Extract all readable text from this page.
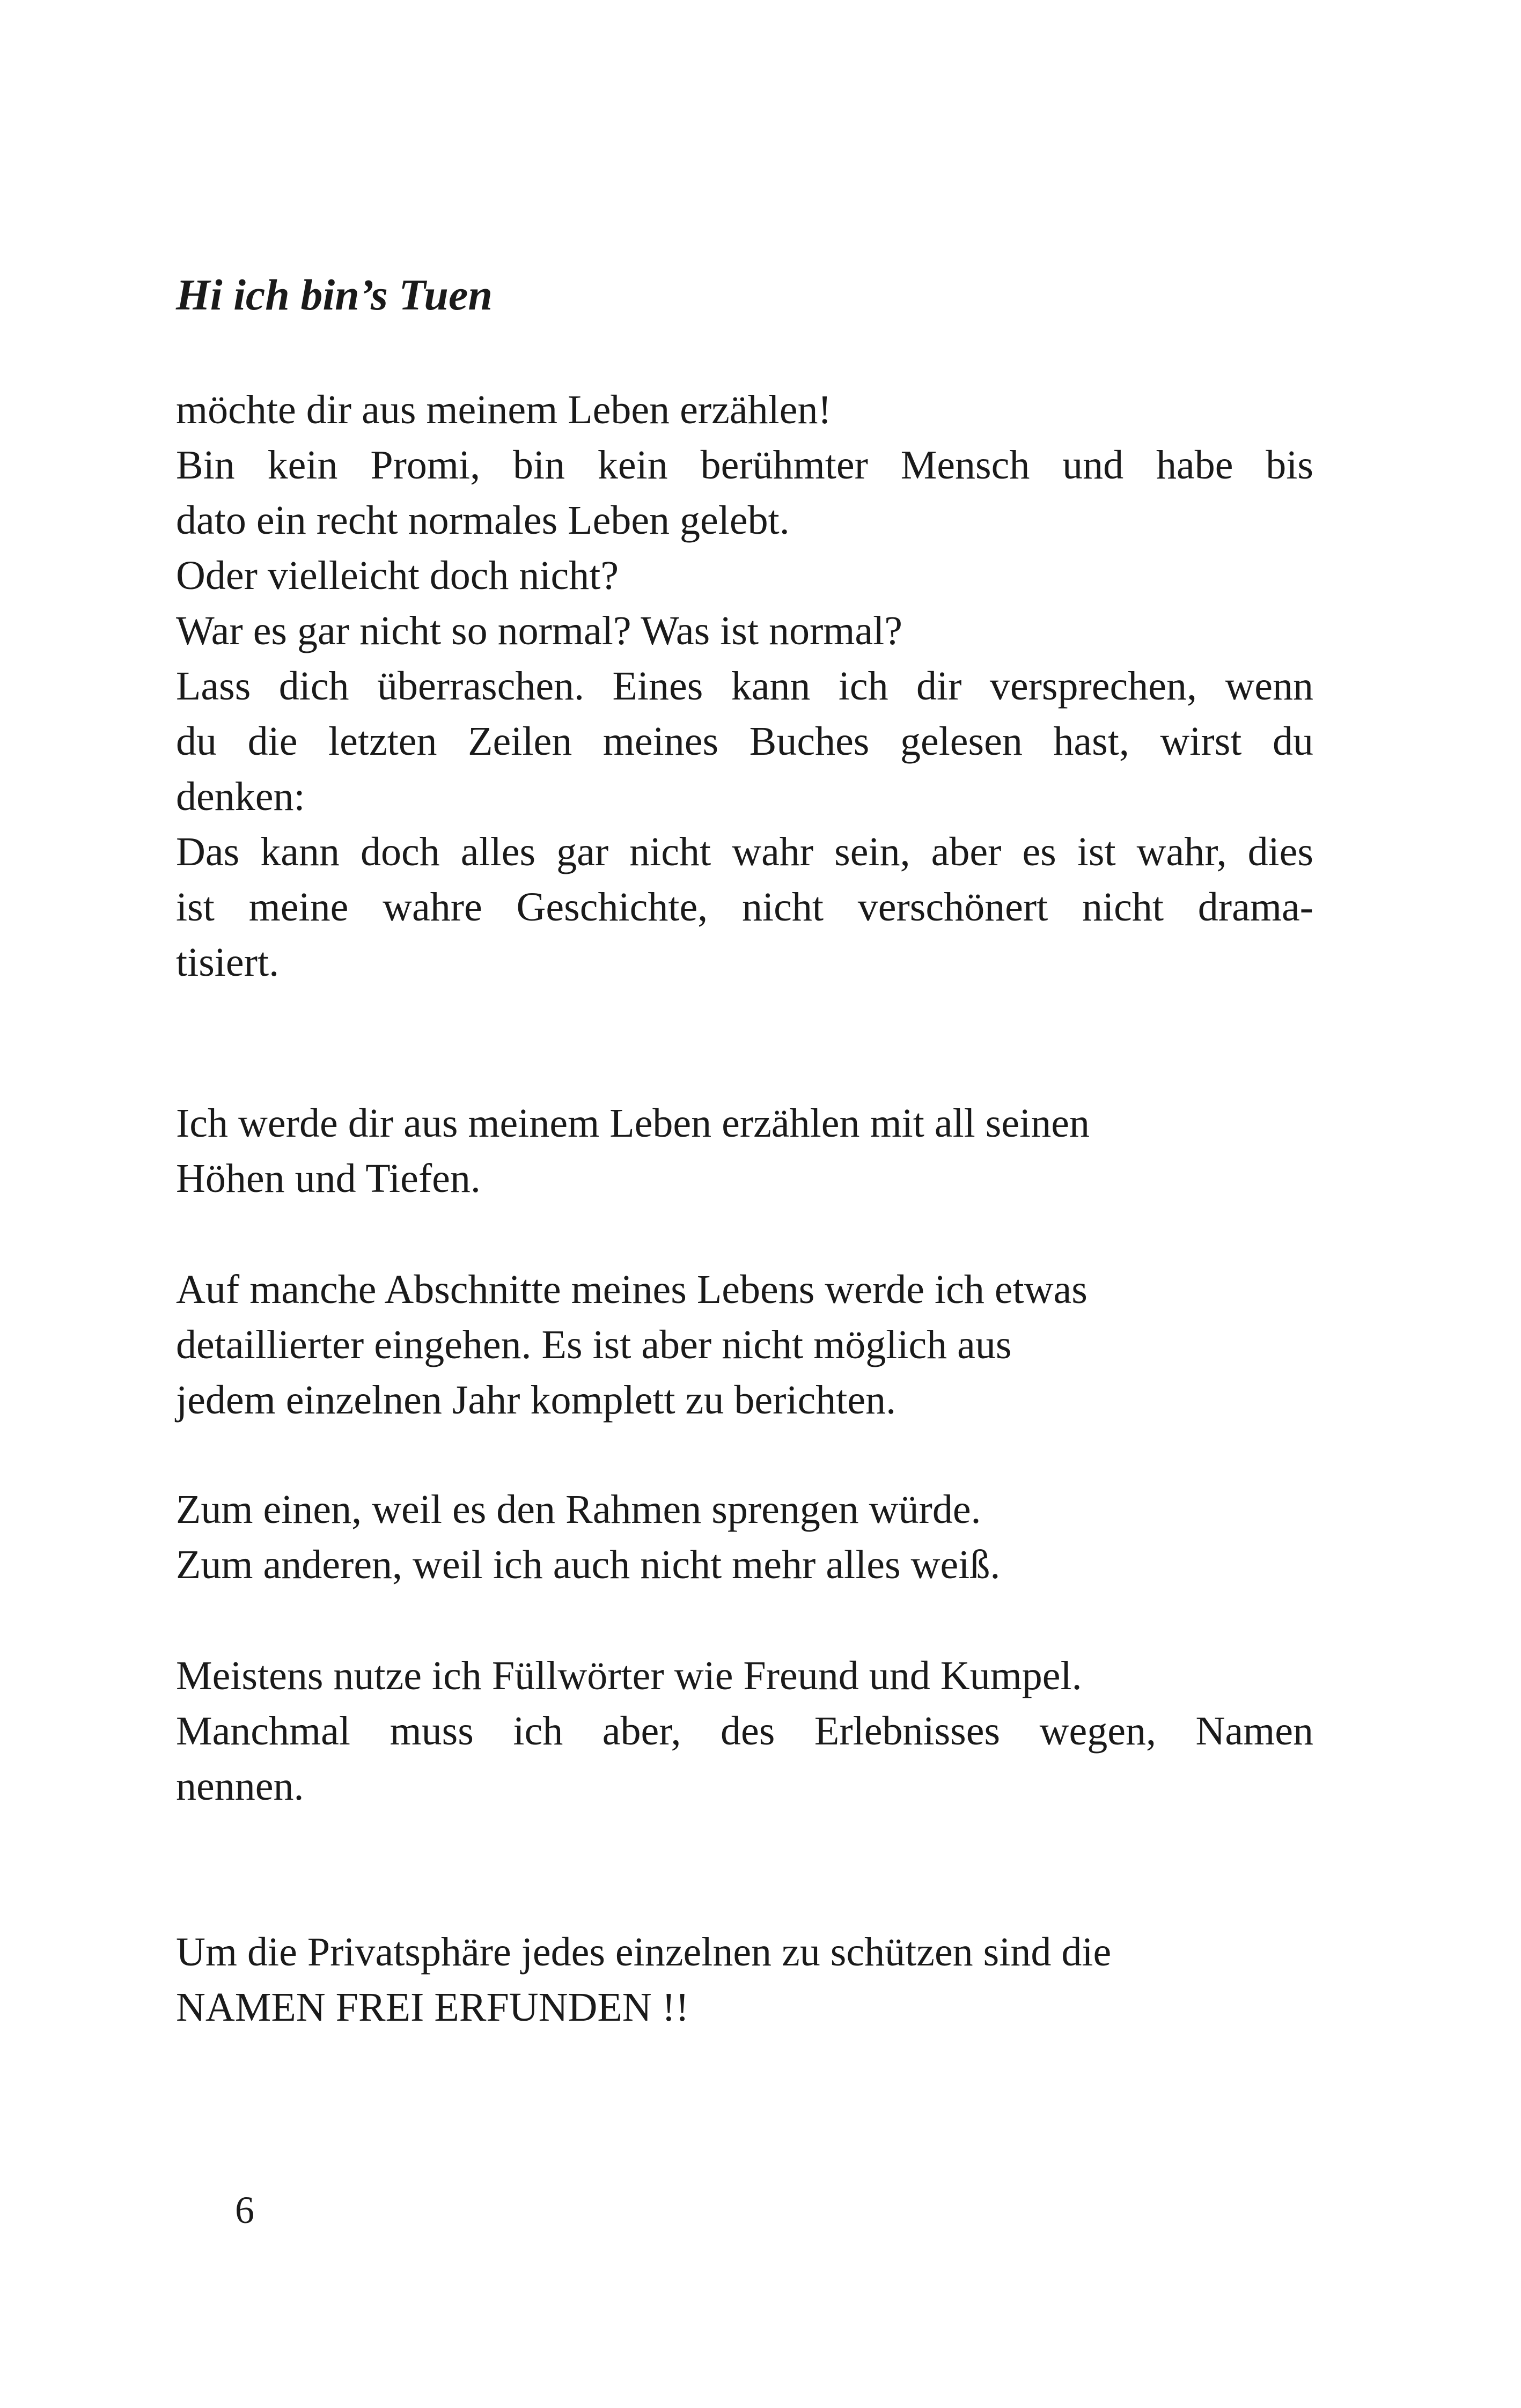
Hi ich bin’s Tuen
möchte dir aus meinem Leben erzählen!
Bin kein Promi, bin kein berühmter Mensch und habe bis
dato ein recht normales Leben gelebt.
Oder vielleicht doch nicht?
War es gar nicht so normal? Was ist normal?
Lass dich überraschen. Eines kann ich dir versprechen, wenn
du die letzten Zeilen meines Buches gelesen hast, wirst du
denken:
Das kann doch alles gar nicht wahr sein, aber es ist wahr, dies
ist meine wahre Geschichte, nicht verschönert nicht drama-
tisiert.
Ich werde dir aus meinem Leben erzählen mit all seinen
Höhen und Tiefen.
Auf manche Abschnitte meines Lebens werde ich etwas
detaillierter eingehen. Es ist aber nicht möglich aus
jedem einzelnen Jahr komplett zu berichten.
Zum einen, weil es den Rahmen sprengen würde.
Zum anderen, weil ich auch nicht mehr alles weiß.
Meistens nutze ich Füllwörter wie Freund und Kumpel.
Manchmal muss ich aber, des Erlebnisses wegen, Namen
nennen.
Um die Privatsphäre jedes einzelnen zu schützen sind die
NAMEN FREI ERFUNDEN !!
6
